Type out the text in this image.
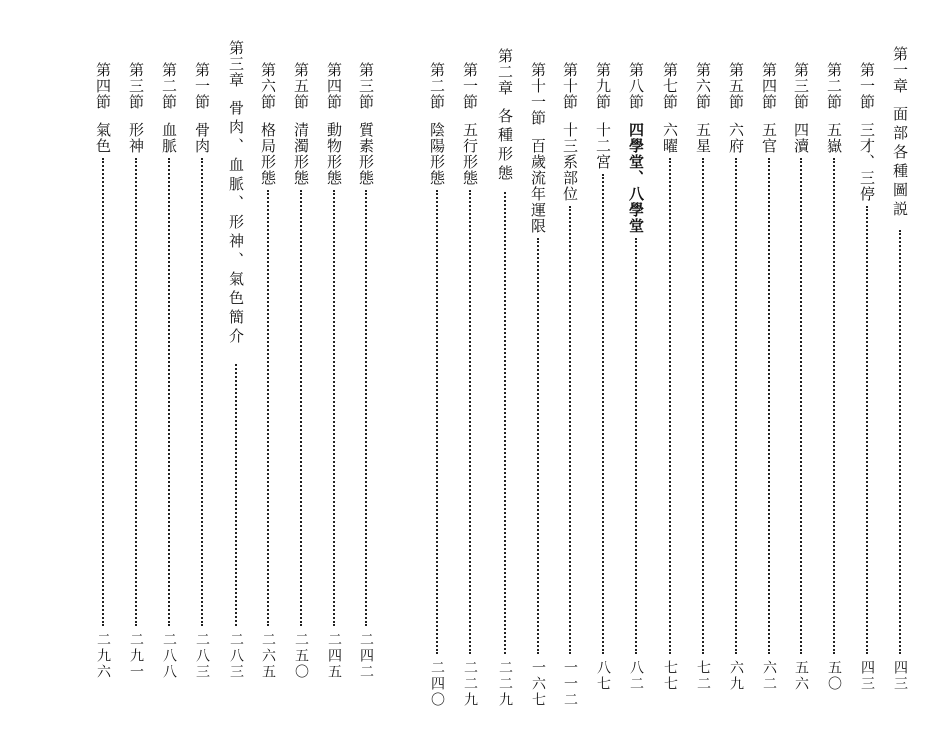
第三節
質素形態
二四二
第四節
動物形態
二四五
第五節
清濁形態
二五〇
第六節
格局形態
二六五
第三章
骨肉、血脈、形神、氣色簡介
二八三
第一節
骨肉
二八三
第二節
血脈
二八八
第三節
形神
二九一
第四節
氣色
二九六
第一章
面部各種圖説
四三
第一節
三才、三停
四三
第二節
五嶽
五〇
第三節
四瀆
五六
第四節
五官
六二
第五節
六府
六九
第六節
五星
七二
第七節
六曜
七七
第八節
四學堂、八學堂
八二
第九節
十二宮
八七
第十節
十三系部位
一一二
第十一節
百歲流年運限
一六七
第二章
各種形態
二二九
第一節
五行形態
二二九
第二節
陰陽形態
二四〇
